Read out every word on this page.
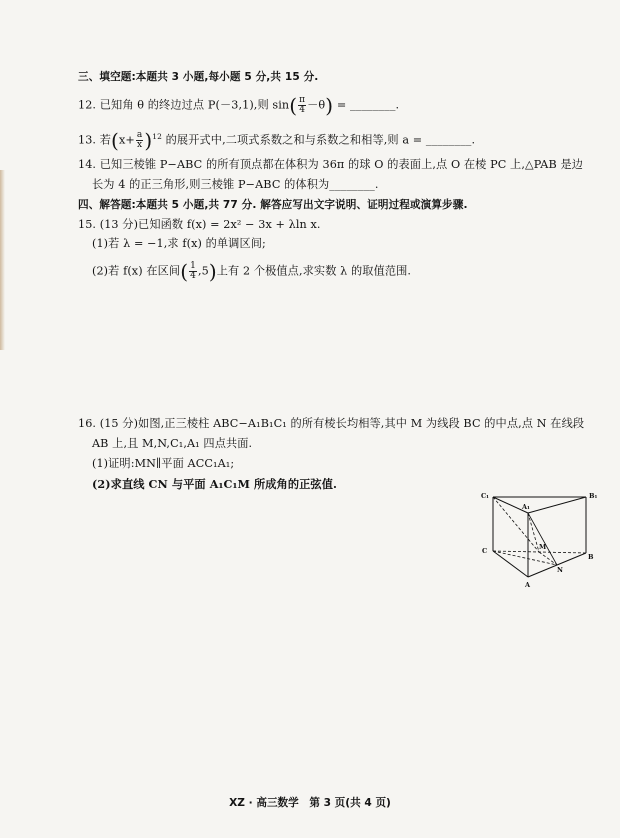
三、填空题:本题共 3 小题,每小题 5 分,共 15 分.
12. 已知角 θ 的终边过点 P(－3,1),则 $\sin( \frac{\pi}{4} -\theta)$ = ________.
13. 若$(x+ \frac{a}{x} )^{12}$ 的展开式中,二项式系数之和与系数之和相等,则 a = ________.
14. 已知三棱锥 P−ABC 的所有顶点都在体积为 36π 的球 O 的表面上,点 O 在棱 PC 上,△PAB 是边
长为 4 的正三角形,则三棱锥 P−ABC 的体积为________.
四、解答题:本题共 5 小题,共 77 分. 解答应写出文字说明、证明过程或演算步骤.
15. (13 分)已知函数 f(x) = 2x² − 3x + λln x.
(1)若 λ = −1,求 f(x) 的单调区间;
(2)若 f(x) 在区间( $\frac{1}{4} ,5$)上有 2 个极值点,求实数 λ 的取值范围.
16. (15 分)如图,正三棱柱 ABC−A₁B₁C₁ 的所有棱长均相等,其中 M 为线段 BC 的中点,点 N 在线段
AB 上,且 M,N,C₁,A₁ 四点共面.
(1)证明:MN∥平面 ACC₁A₁;
(2)求直线 CN 与平面 A₁C₁M 所成角的正弦值.
C₁	B₁
A₁
C	M
B
N
A
XZ · 高三数学　第 3 页(共 4 页)
